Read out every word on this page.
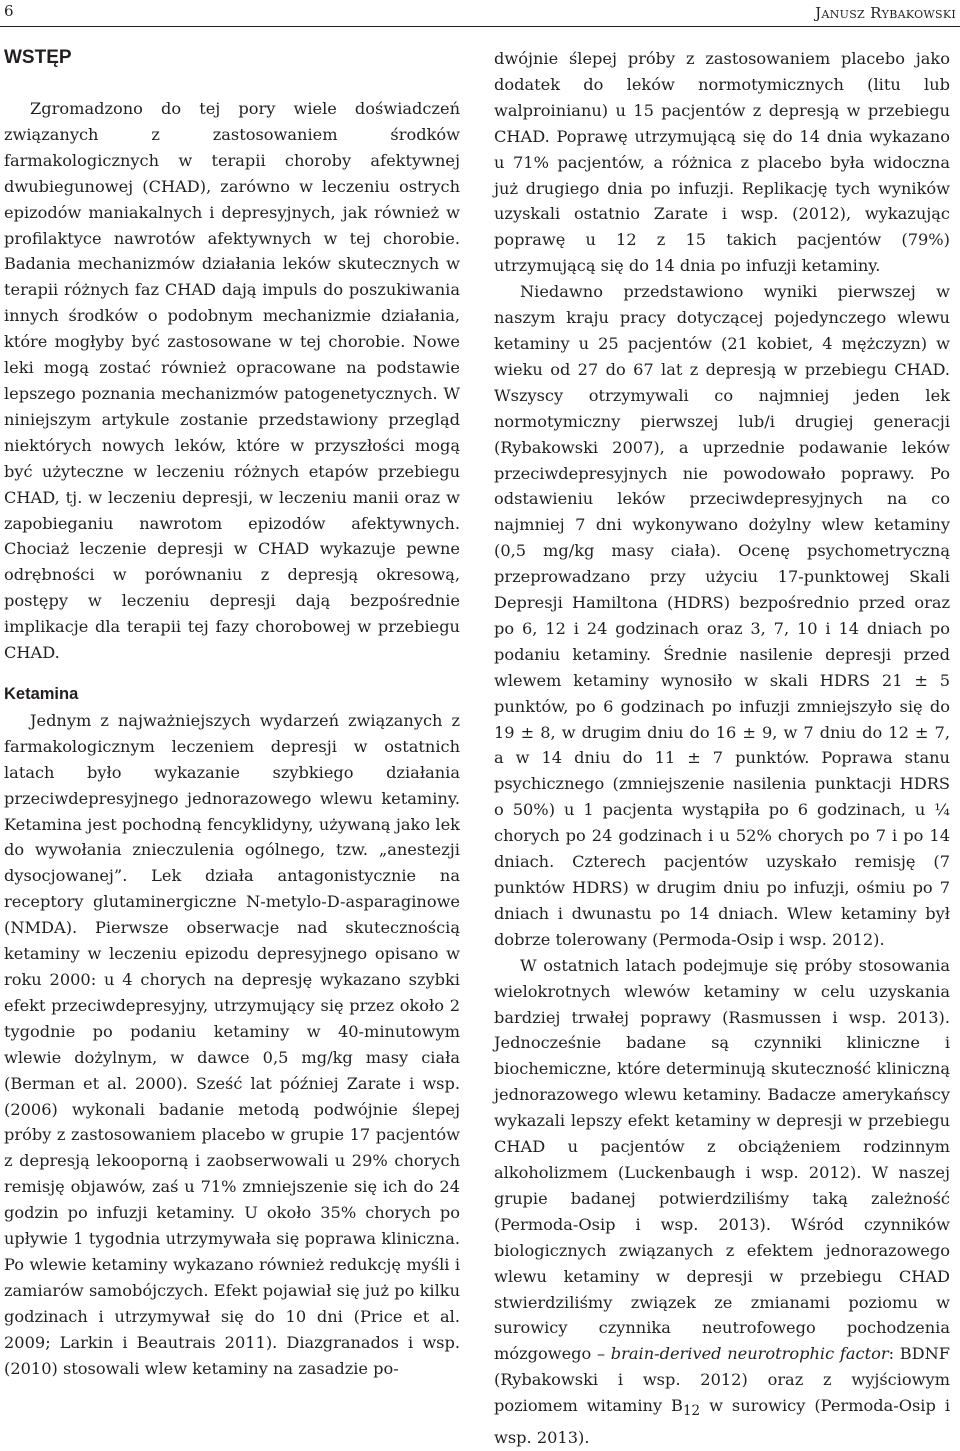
6	Janusz Rybakowski
WSTĘP

Zgromadzono do tej pory wiele doświadczeń związanych z zastosowaniem środków farmakologicznych w terapii choroby afektywnej dwubiegunowej (CHAD), zarówno w leczeniu ostrych epizodów maniakalnych i depresyjnych, jak również w profilaktyce nawrotów afektywnych w tej chorobie. Badania mechanizmów działania leków skutecznych w terapii różnych faz CHAD dają impuls do poszukiwania innych środków o podobnym mechanizmie działania, które mogłyby być zastosowane w tej chorobie. Nowe leki mogą zostać również opracowane na podstawie lepszego poznania mechanizmów patogenetycznych. W niniejszym artykule zostanie przedstawiony przegląd niektórych nowych leków, które w przyszłości mogą być użyteczne w leczeniu różnych etapów przebiegu CHAD, tj. w leczeniu depresji, w leczeniu manii oraz w zapobieganiu nawrotom epizodów afektywnych. Chociaż leczenie depresji w CHAD wykazuje pewne odrębności w porównaniu z depresją okresową, postępy w leczeniu depresji dają bezpośrednie implikacje dla terapii tej fazy chorobowej w przebiegu CHAD.

Ketamina

Jednym z najważniejszych wydarzeń związanych z farmakologicznym leczeniem depresji w ostatnich latach było wykazanie szybkiego działania przeciwdepresyjnego jednorazowego wlewu ketaminy. Ketamina jest pochodną fencyklidyny, używaną jako lek do wywołania znieczulenia ogólnego, tzw. „anestezji dysocjowanej”. Lek działa antagonistycznie na receptory glutaminergiczne N-metylo-D-asparaginowe (NMDA). Pierwsze obserwacje nad skutecznością ketaminy w leczeniu epizodu depresyjnego opisano w roku 2000: u 4 chorych na depresję wykazano szybki efekt przeciwdepresyjny, utrzymujący się przez około 2 tygodnie po podaniu ketaminy w 40-minutowym wlewie dożylnym, w dawce 0,5 mg/kg masy ciała (Berman et al. 2000). Sześć lat później Zarate i wsp. (2006) wykonali badanie metodą podwójnie ślepej próby z zastosowaniem placebo w grupie 17 pacjentów z depresją lekooporną i zaobserwowali u 29% chorych remisję objawów, zaś u 71% zmniejszenie się ich do 24 godzin po infuzji ketaminy. U około 35% chorych po upływie 1 tygodnia utrzymywała się poprawa kliniczna. Po wlewie ketaminy wykazano również redukcję myśli i zamiarów samobójczych. Efekt pojawiał się już po kilku godzinach i utrzymywał się do 10 dni (Price et al. 2009; Larkin i Beautrais 2011). Diazgranados i wsp. (2010) stosowali wlew ketaminy na zasadzie po-

dwójnie ślepej próby z zastosowaniem placebo jako dodatek do leków normotymicznych (litu lub walproinianu) u 15 pacjentów z depresją w przebiegu CHAD. Poprawę utrzymującą się do 14 dnia wykazano u 71% pacjentów, a różnica z placebo była widoczna już drugiego dnia po infuzji. Replikację tych wyników uzyskali ostatnio Zarate i wsp. (2012), wykazując poprawę u 12 z 15 takich pacjentów (79%) utrzymującą się do 14 dnia po infuzji ketaminy.

Niedawno przedstawiono wyniki pierwszej w naszym kraju pracy dotyczącej pojedynczego wlewu ketaminy u 25 pacjentów (21 kobiet, 4 mężczyzn) w wieku od 27 do 67 lat z depresją w przebiegu CHAD. Wszyscy otrzymywali co najmniej jeden lek normotymiczny pierwszej lub/i drugiej generacji (Rybakowski 2007), a uprzednie podawanie leków przeciwdepresyjnych nie powodowało poprawy. Po odstawieniu leków przeciwdepresyjnych na co najmniej 7 dni wykonywano dożylny wlew ketaminy (0,5 mg/kg masy ciała). Ocenę psychometryczną przeprowadzano przy użyciu 17-punktowej Skali Depresji Hamiltona (HDRS) bezpośrednio przed oraz po 6, 12 i 24 godzinach oraz 3, 7, 10 i 14 dniach po podaniu ketaminy. Średnie nasilenie depresji przed wlewem ketaminy wynosiło w skali HDRS 21 ± 5 punktów, po 6 godzinach po infuzji zmniejszyło się do 19 ± 8, w drugim dniu do 16 ± 9, w 7 dniu do 12 ± 7, a w 14 dniu do 11 ± 7 punktów. Poprawa stanu psychicznego (zmniejszenie nasilenia punktacji HDRS o 50%) u 1 pacjenta wystąpiła po 6 godzinach, u ¼ chorych po 24 godzinach i u 52% chorych po 7 i po 14 dniach. Czterech pacjentów uzyskało remisję (7 punktów HDRS) w drugim dniu po infuzji, ośmiu po 7 dniach i dwunastu po 14 dniach. Wlew ketaminy był dobrze tolerowany (Permoda-Osip i wsp. 2012).

W ostatnich latach podejmuje się próby stosowania wielokrotnych wlewów ketaminy w celu uzyskania bardziej trwałej poprawy (Rasmussen i wsp. 2013). Jednocześnie badane są czynniki kliniczne i biochemiczne, które determinują skuteczność kliniczną jednorazowego wlewu ketaminy. Badacze amerykańscy wykazali lepszy efekt ketaminy w depresji w przebiegu CHAD u pacjentów z obciążeniem rodzinnym alkoholizmem (Luckenbaugh i wsp. 2012). W naszej grupie badanej potwierdziliśmy taką zależność (Permoda-Osip i wsp. 2013). Wśród czynników biologicznych związanych z efektem jednorazowego wlewu ketaminy w depresji w przebiegu CHAD stwierdziliśmy związek ze zmianami poziomu w surowicy czynnika neutrofowego pochodzenia mózgowego – brain-derived neurotrophic factor: BDNF (Rybakowski i wsp. 2012) oraz z wyjściowym poziomem witaminy $B_{12}$ w surowicy (Permoda-Osip i wsp. 2013).
